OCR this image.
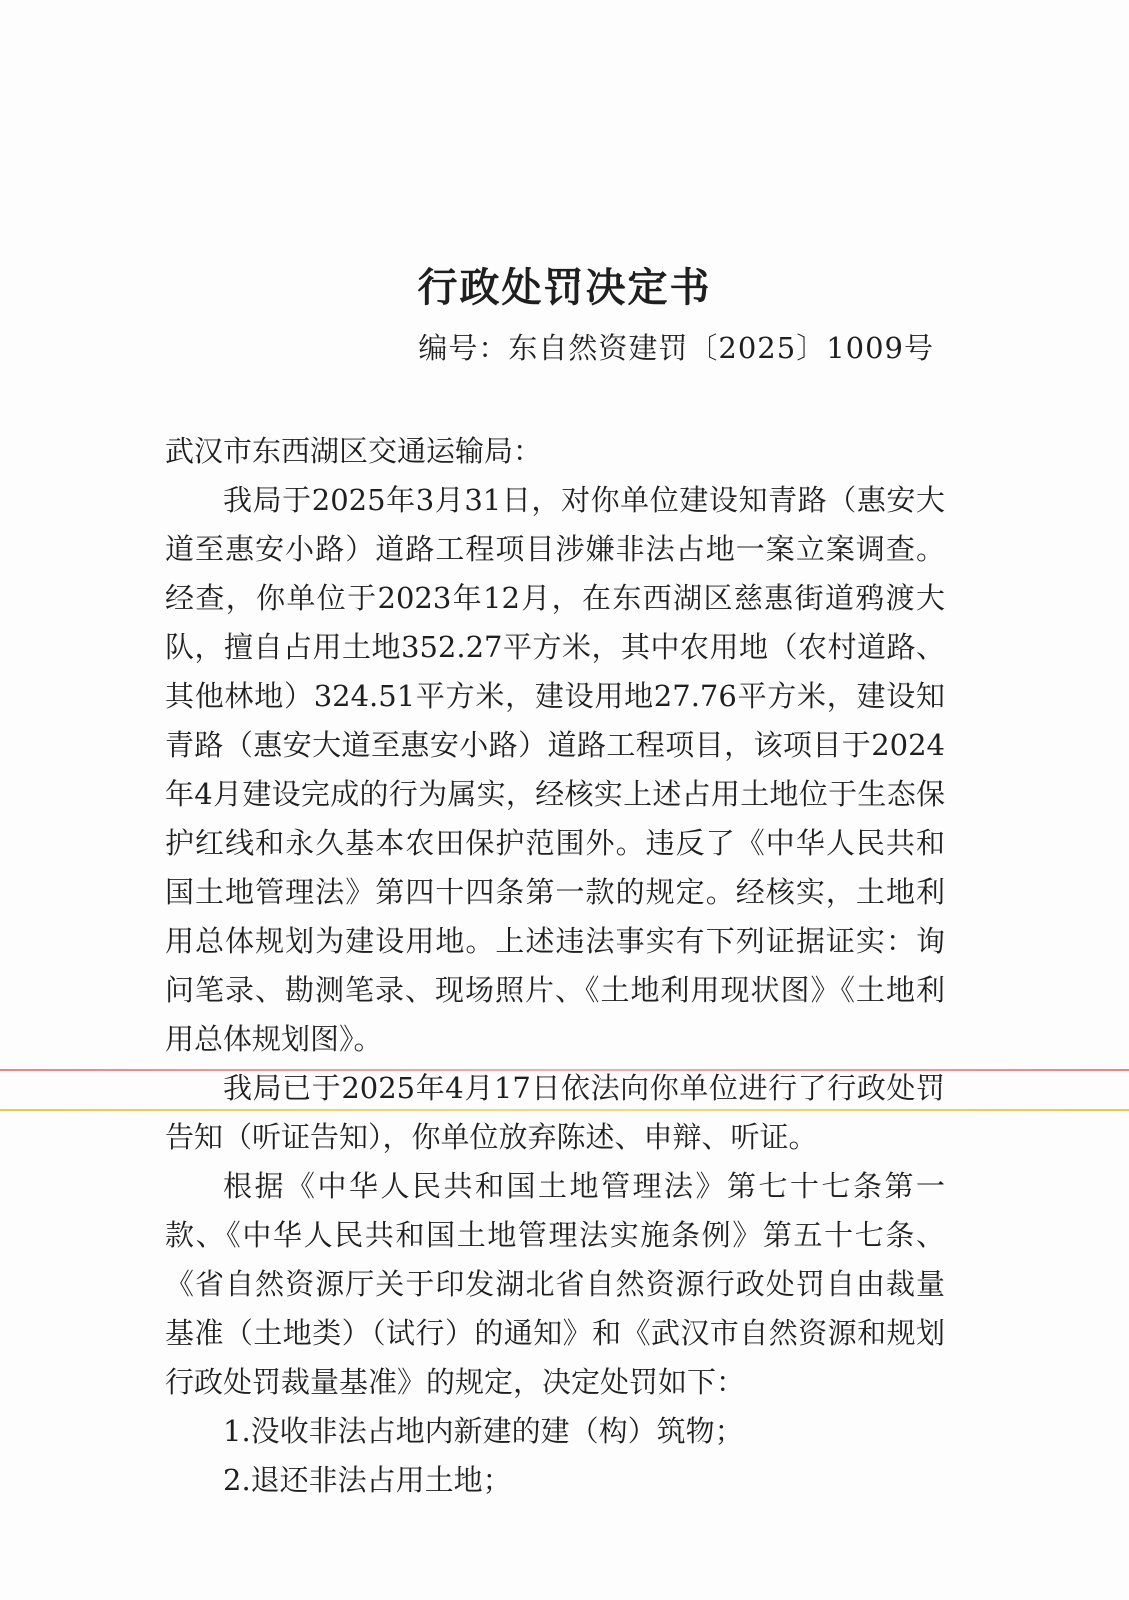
行政处罚决定书
编号：东自然资建罚〔2025〕1009号

武汉市东西湖区交通运输局：

我局于2025年3月31日，对你单位建设知青路（惠安大道至惠安小路）道路工程项目涉嫌非法占地一案立案调查。经查，你单位于2023年12月，在东西湖区慈惠街道鸦渡大队，擅自占用土地352.27平方米，其中农用地（农村道路、其他林地）324.51平方米，建设用地27.76平方米，建设知青路（惠安大道至惠安小路）道路工程项目，该项目于2024年4月建设完成的行为属实，经核实上述占用土地位于生态保护红线和永久基本农田保护范围外。违反了《中华人民共和国土地管理法》第四十四条第一款的规定。经核实，土地利用总体规划为建设用地。上述违法事实有下列证据证实：询问笔录、勘测笔录、现场照片、《土地利用现状图》《土地利用总体规划图》。

我局已于2025年4月17日依法向你单位进行了行政处罚告知（听证告知），你单位放弃陈述、申辩、听证。

根据《中华人民共和国土地管理法》第七十七条第一款、《中华人民共和国土地管理法实施条例》第五十七条、《省自然资源厅关于印发湖北省自然资源行政处罚自由裁量基准（土地类）（试行）的通知》和《武汉市自然资源和规划行政处罚裁量基准》的规定，决定处罚如下：

1.没收非法占地内新建的建（构）筑物；

2.退还非法占用土地；
